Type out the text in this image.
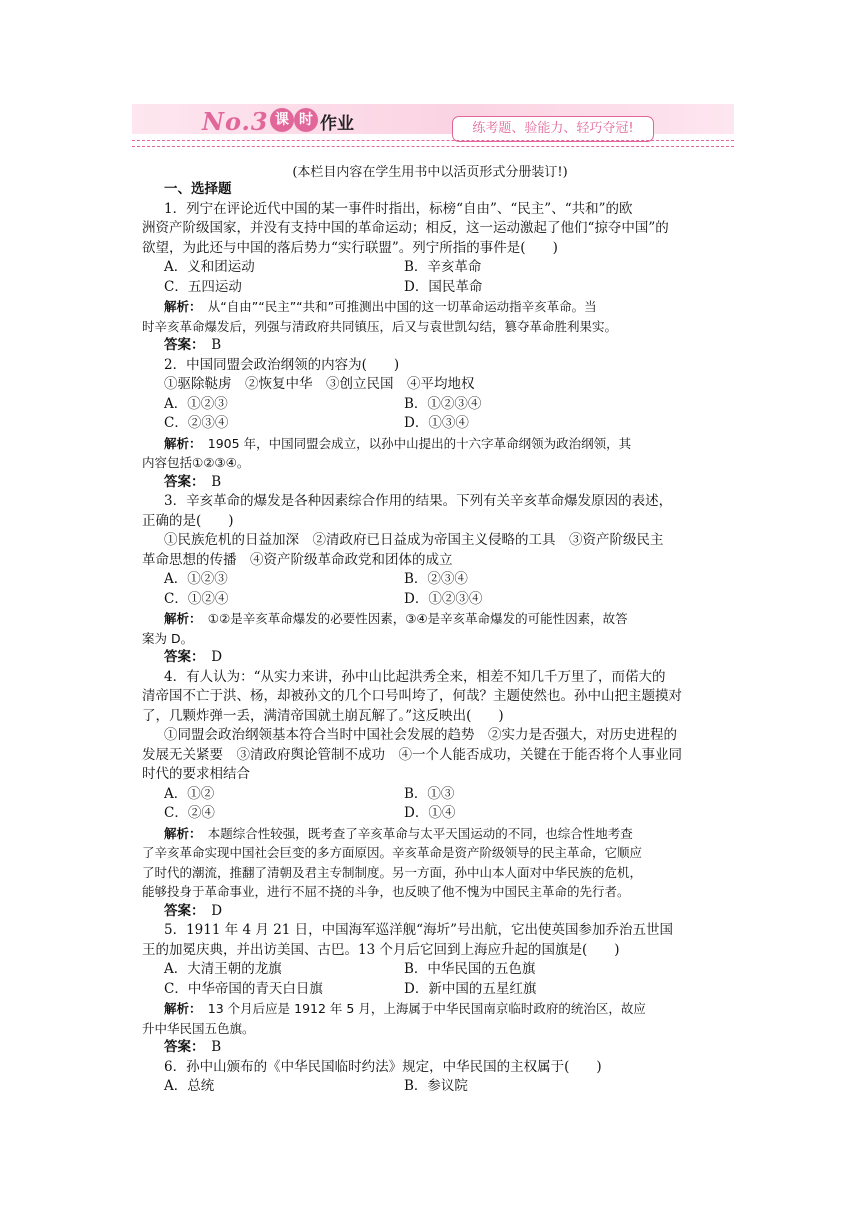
No.3 课 时 作业	练考题、验能力、轻巧夺冠!
(本栏目内容在学生用书中以活页形式分册装订!)
一、选择题
1．列宁在评论近代中国的某一事件时指出，标榜“自由”、“民主”、“共和”的欧
洲资产阶级国家，并没有支持中国的革命运动；相反，这一运动激起了他们“掠夺中国”的
欲望，为此还与中国的落后势力“实行联盟”。列宁所指的事件是(　　)
A．义和团运动	B．辛亥革命
C．五四运动	D．国民革命
解析：　 从“自由”“民主”“共和”可推测出中国的这一切革命运动指辛亥革命。当
时辛亥革命爆发后，列强与清政府共同镇压，后又与袁世凯勾结，篡夺革命胜利果实。
答案：　 B
2．中国同盟会政治纲领的内容为(　　)
①驱除鞑虏　②恢复中华　③创立民国　④平均地权
A．①②③	B．①②③④
C．②③④	D．①③④
解析：　 1905 年，中国同盟会成立，以孙中山提出的十六字革命纲领为政治纲领，其
内容包括①②③④。
答案：　 B
3．辛亥革命的爆发是各种因素综合作用的结果。下列有关辛亥革命爆发原因的表述，
正确的是(　　)
①民族危机的日益加深　②清政府已日益成为帝国主义侵略的工具　③资产阶级民主
革命思想的传播　④资产阶级革命政党和团体的成立
A．①②③	B．②③④
C．①②④	D．①②③④
解析：　 ①②是辛亥革命爆发的必要性因素，③④是辛亥革命爆发的可能性因素，故答
案为 D。
答案：　 D
4．有人认为：“从实力来讲，孙中山比起洪秀全来，相差不知几千万里了，而偌大的
清帝国不亡于洪、杨，却被孙文的几个口号叫垮了，何哉？主题使然也。孙中山把主题摸对
了，几颗炸弹一丢，满清帝国就土崩瓦解了。”这反映出(　　)
①同盟会政治纲领基本符合当时中国社会发展的趋势　②实力是否强大，对历史进程的
发展无关紧要　③清政府舆论管制不成功　④一个人能否成功，关键在于能否将个人事业同
时代的要求相结合
A．①②	B．①③
C．②④	D．①④
解析：　 本题综合性较强，既考查了辛亥革命与太平天国运动的不同，也综合性地考查
了辛亥革命实现中国社会巨变的多方面原因。辛亥革命是资产阶级领导的民主革命，它顺应
了时代的潮流，推翻了清朝及君主专制制度。另一方面，孙中山本人面对中华民族的危机，
能够投身于革命事业，进行不屈不挠的斗争，也反映了他不愧为中国民主革命的先行者。
答案：　 D
5．1911 年 4 月 21 日，中国海军巡洋舰“海圻”号出航，它出使英国参加乔治五世国
王的加冕庆典，并出访美国、古巴。13 个月后它回到上海应升起的国旗是(　　)
A．大清王朝的龙旗	B．中华民国的五色旗
C．中华帝国的青天白日旗	D．新中国的五星红旗
解析：　 13 个月后应是 1912 年 5 月，上海属于中华民国南京临时政府的统治区，故应
升中华民国五色旗。
答案：　 B
6．孙中山颁布的《中华民国临时约法》规定，中华民国的主权属于(　　)
A．总统	B．参议院
